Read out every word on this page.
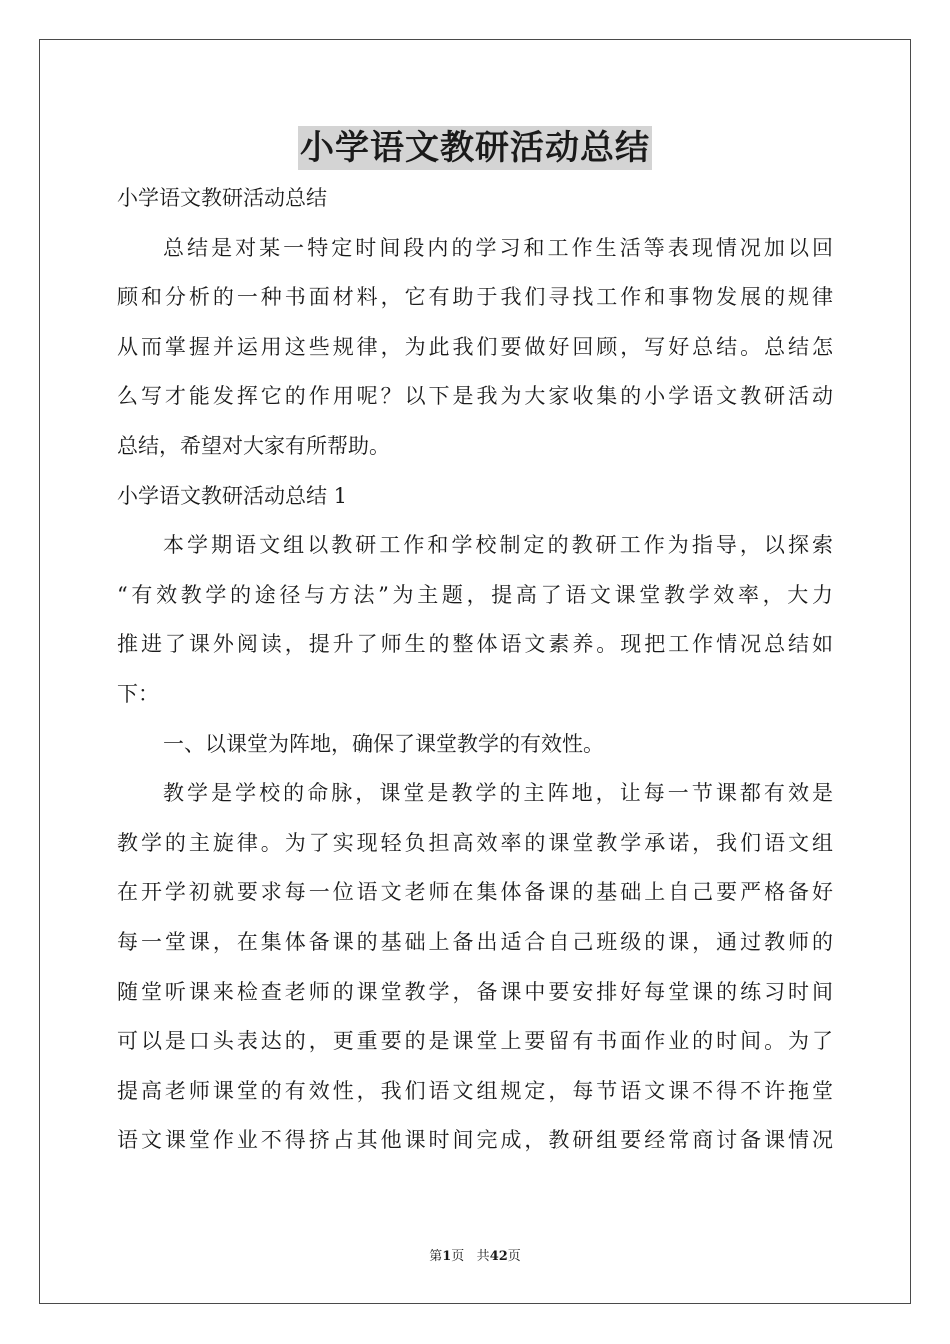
小学语文教研活动总结
小学语文教研活动总结
总结是对某一特定时间段内的学习和工作生活等表现情况加以回
顾和分析的一种书面材料，它有助于我们寻找工作和事物发展的规律
从而掌握并运用这些规律，为此我们要做好回顾，写好总结。总结怎
么写才能发挥它的作用呢？以下是我为大家收集的小学语文教研活动
总结，希望对大家有所帮助。
小学语文教研活动总结 1
本学期语文组以教研工作和学校制定的教研工作为指导，以探索
“有效教学的途径与方法”为主题，提高了语文课堂教学效率，大力
推进了课外阅读，提升了师生的整体语文素养。现把工作情况总结如
下：
一、以课堂为阵地，确保了课堂教学的有效性。
教学是学校的命脉，课堂是教学的主阵地，让每一节课都有效是
教学的主旋律。为了实现轻负担高效率的课堂教学承诺，我们语文组
在开学初就要求每一位语文老师在集体备课的基础上自己要严格备好
每一堂课，在集体备课的基础上备出适合自己班级的课，通过教师的
随堂听课来检查老师的课堂教学，备课中要安排好每堂课的练习时间
可以是口头表达的，更重要的是课堂上要留有书面作业的时间。为了
提高老师课堂的有效性，我们语文组规定，每节语文课不得不许拖堂
语文课堂作业不得挤占其他课时间完成，教研组要经常商讨备课情况
第1页 共42页
